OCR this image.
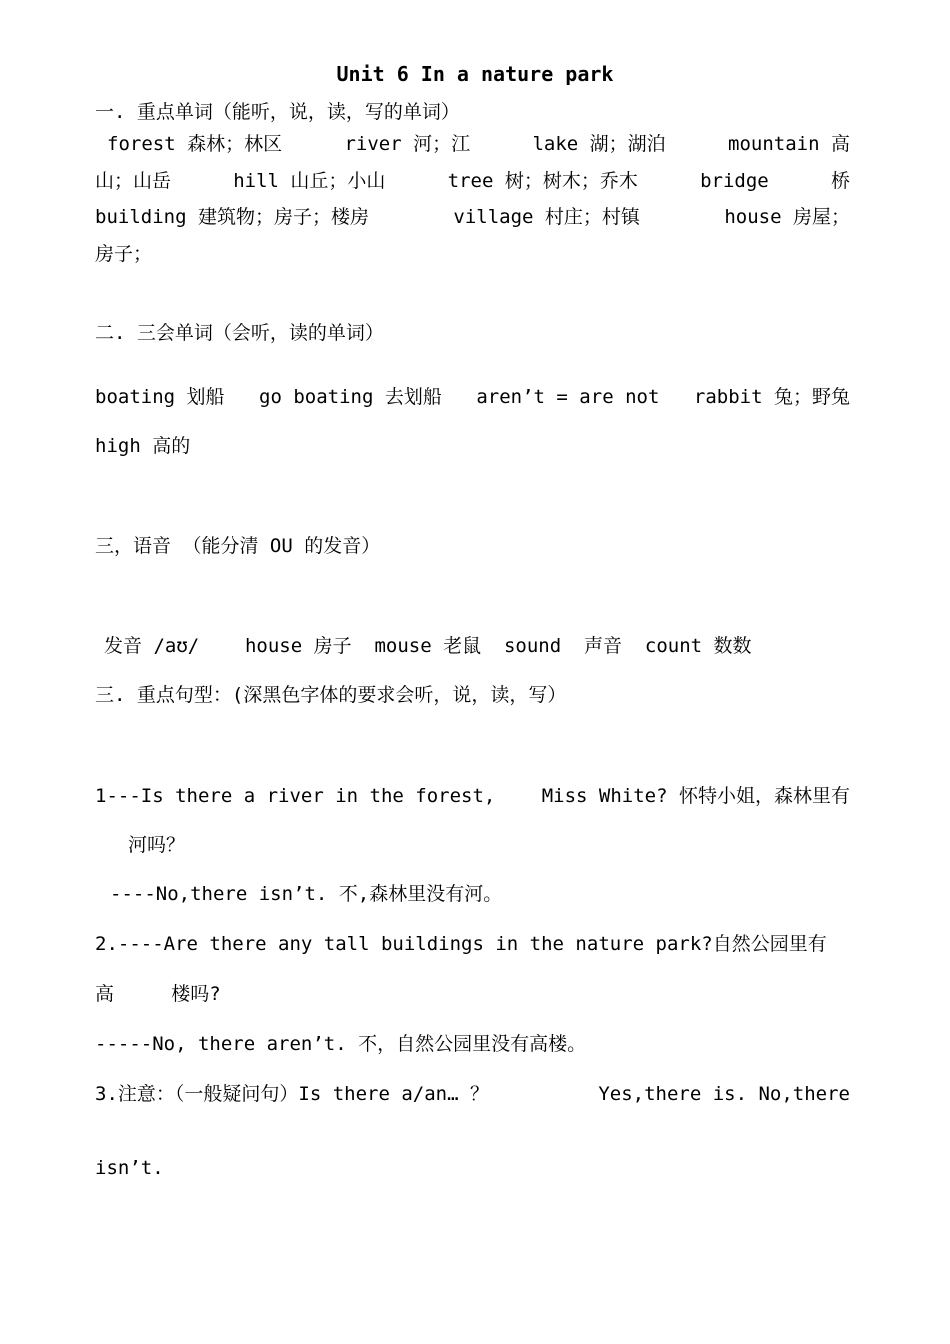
Unit 6 In a nature park
一. 重点单词（能听，说，读，写的单词）
forest 森林；林区	river 河；江	lake 湖；湖泊	mountain 高
山；山岳	hill 山丘；小山	tree 树；树木；乔木	bridge	桥
building 建筑物；房子；楼房	village 村庄；村镇	house 房屋；
房子；
二. 三会单词（会听，读的单词）
boating 划船 go boating 去划船 aren’t = are not rabbit 兔；野兔
high 高的
三，语音 （能分清 OU 的发音）
发音 /aʊ/    house 房子  mouse 老鼠  sound  声音  count 数数
三. 重点句型：(深黑色字体的要求会听，说，读，写）
1---Is there a river in the forest, Miss White? 怀特小姐，森林里有
河吗？
----No,there isn’t. 不,森林里没有河。
2.----Are there any tall buildings in the nature park?自然公园里有
高     楼吗?
-----No, there aren’t. 不，自然公园里没有高楼。
3.注意：（一般疑问句）Is there a/an… ？	Yes,there is. No,there
isn’t.
